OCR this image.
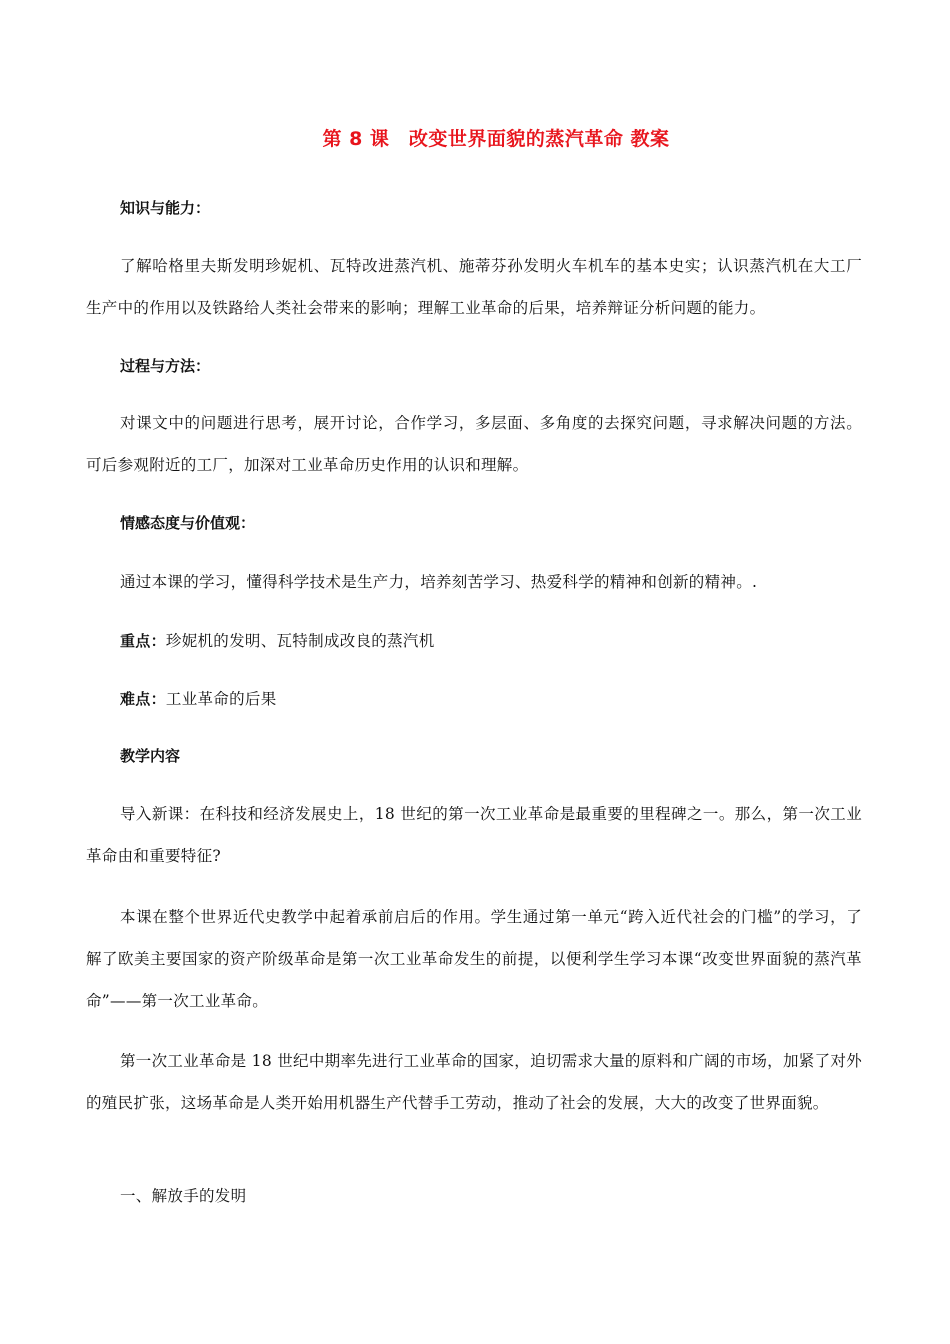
第 8 课　改变世界面貌的蒸汽革命 教案
知识与能力：

了解哈格里夫斯发明珍妮机、瓦特改进蒸汽机、施蒂芬孙发明火车机车的基本史实；认识蒸汽机在大工厂生产中的作用以及铁路给人类社会带来的影响；理解工业革命的后果，培养辩证分析问题的能力。

过程与方法：

对课文中的问题进行思考，展开讨论，合作学习，多层面、多角度的去探究问题，寻求解决问题的方法。可后参观附近的工厂，加深对工业革命历史作用的认识和理解。

情感态度与价值观：

通过本课的学习，懂得科学技术是生产力，培养刻苦学习、热爱科学的精神和创新的精神。.

重点：珍妮机的发明、瓦特制成改良的蒸汽机
难点：工业革命的后果
教学内容

导入新课：在科技和经济发展史上，18 世纪的第一次工业革命是最重要的里程碑之一。那么，第一次工业革命由和重要特征?

本课在整个世界近代史教学中起着承前启后的作用。学生通过第一单元“跨入近代社会的门槛”的学习，了解了欧美主要国家的资产阶级革命是第一次工业革命发生的前提，以便利学生学习本课“改变世界面貌的蒸汽革命”——第一次工业革命。

第一次工业革命是 18 世纪中期率先进行工业革命的国家，迫切需求大量的原料和广阔的市场，加紧了对外的殖民扩张，这场革命是人类开始用机器生产代替手工劳动，推动了社会的发展，大大的改变了世界面貌。

一、解放手的发明
